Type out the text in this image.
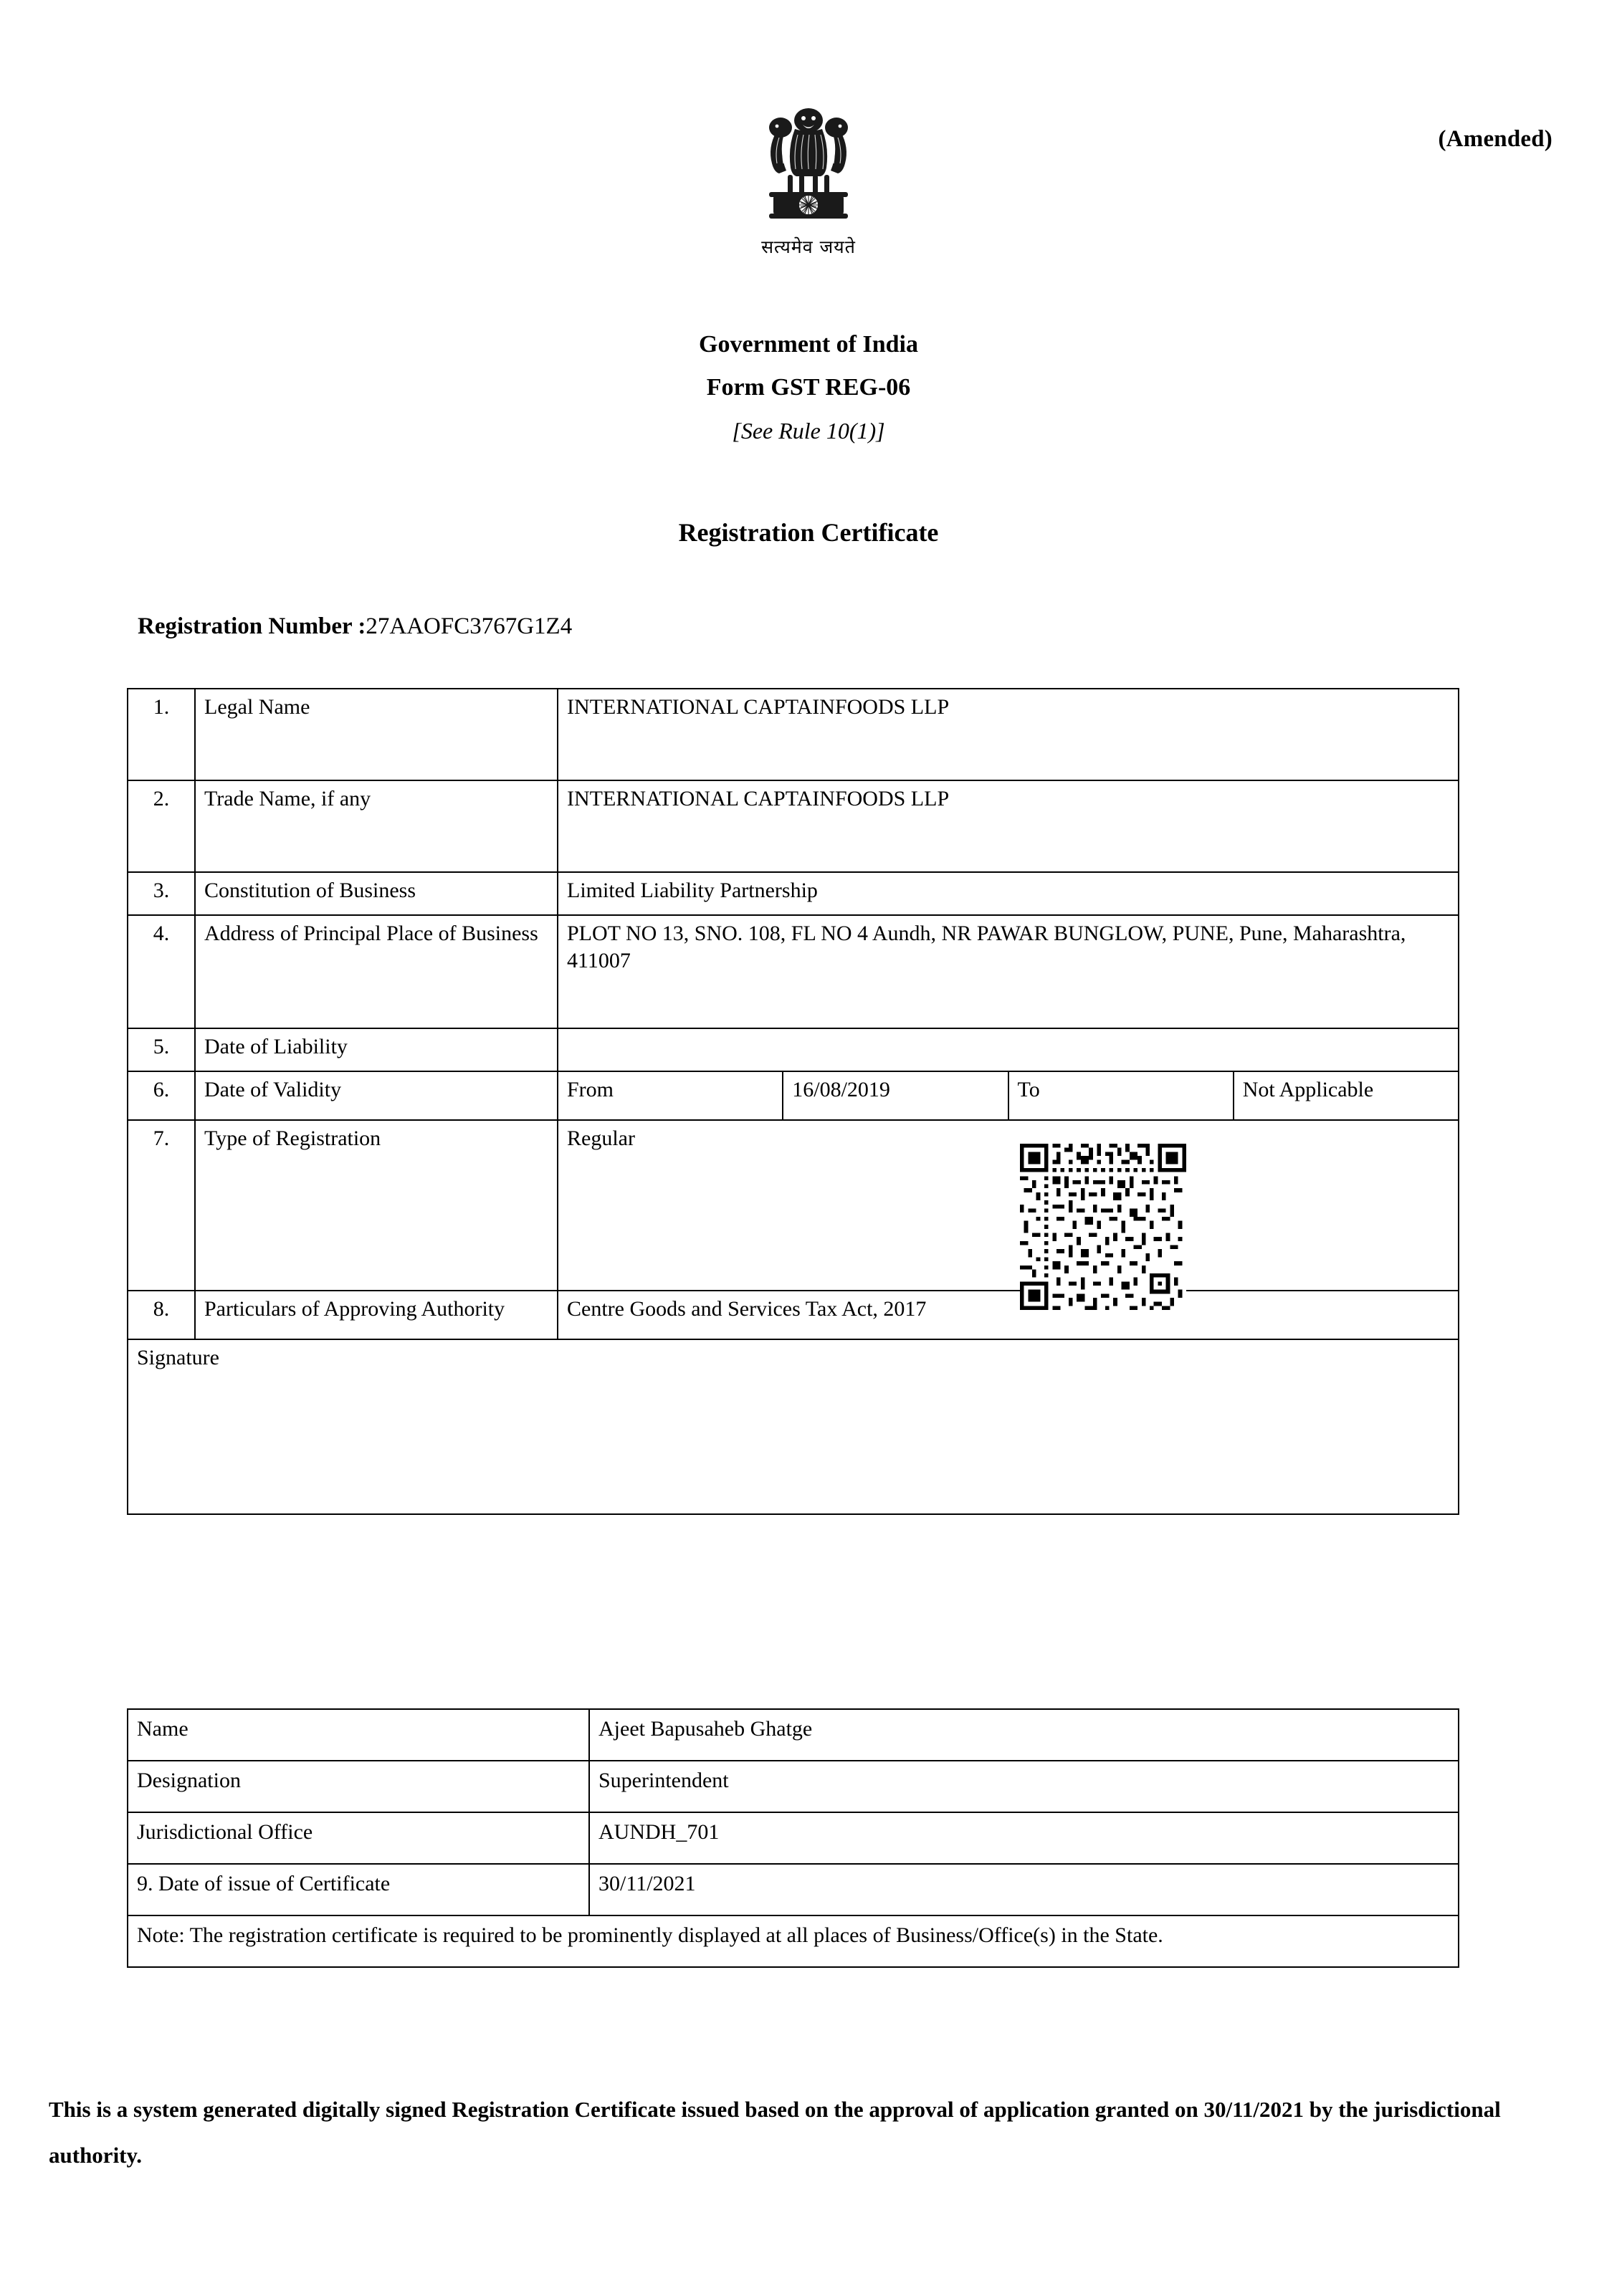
(Amended)
सत्यमेव जयते
Government of India
Form GST REG-06
[See Rule 10(1)]
Registration Certificate
Registration Number :27AAOFC3767G1Z4
1.	Legal Name	INTERNATIONAL CAPTAINFOODS LLP			
2.	Trade Name, if any	INTERNATIONAL CAPTAINFOODS LLP			
3.	Constitution of Business	Limited Liability Partnership			
4.	Address of Principal Place of Business	PLOT NO 13, SNO. 108, FL NO 4 Aundh, NR PAWAR BUNGLOW, PUNE, Pune, Maharashtra, 411007			
5.	Date of Liability				
6.	Date of Validity	From	16/08/2019	To	Not Applicable
7.	Type of Registration	Regular			

8.	Particulars of Approving Authority	Centre Goods and Services Tax Act, 2017			
Signature					
Name	Ajeet Bapusaheb Ghatge
Designation	Superintendent
Jurisdictional Office	AUNDH_701
9. Date of issue of Certificate	30/11/2021
Note: The registration certificate is required to be prominently displayed at all places of Business/Office(s) in the State.	
This is a system generated digitally signed Registration Certificate issued based on the approval of application granted on 30/11/2021 by the jurisdictional authority.
